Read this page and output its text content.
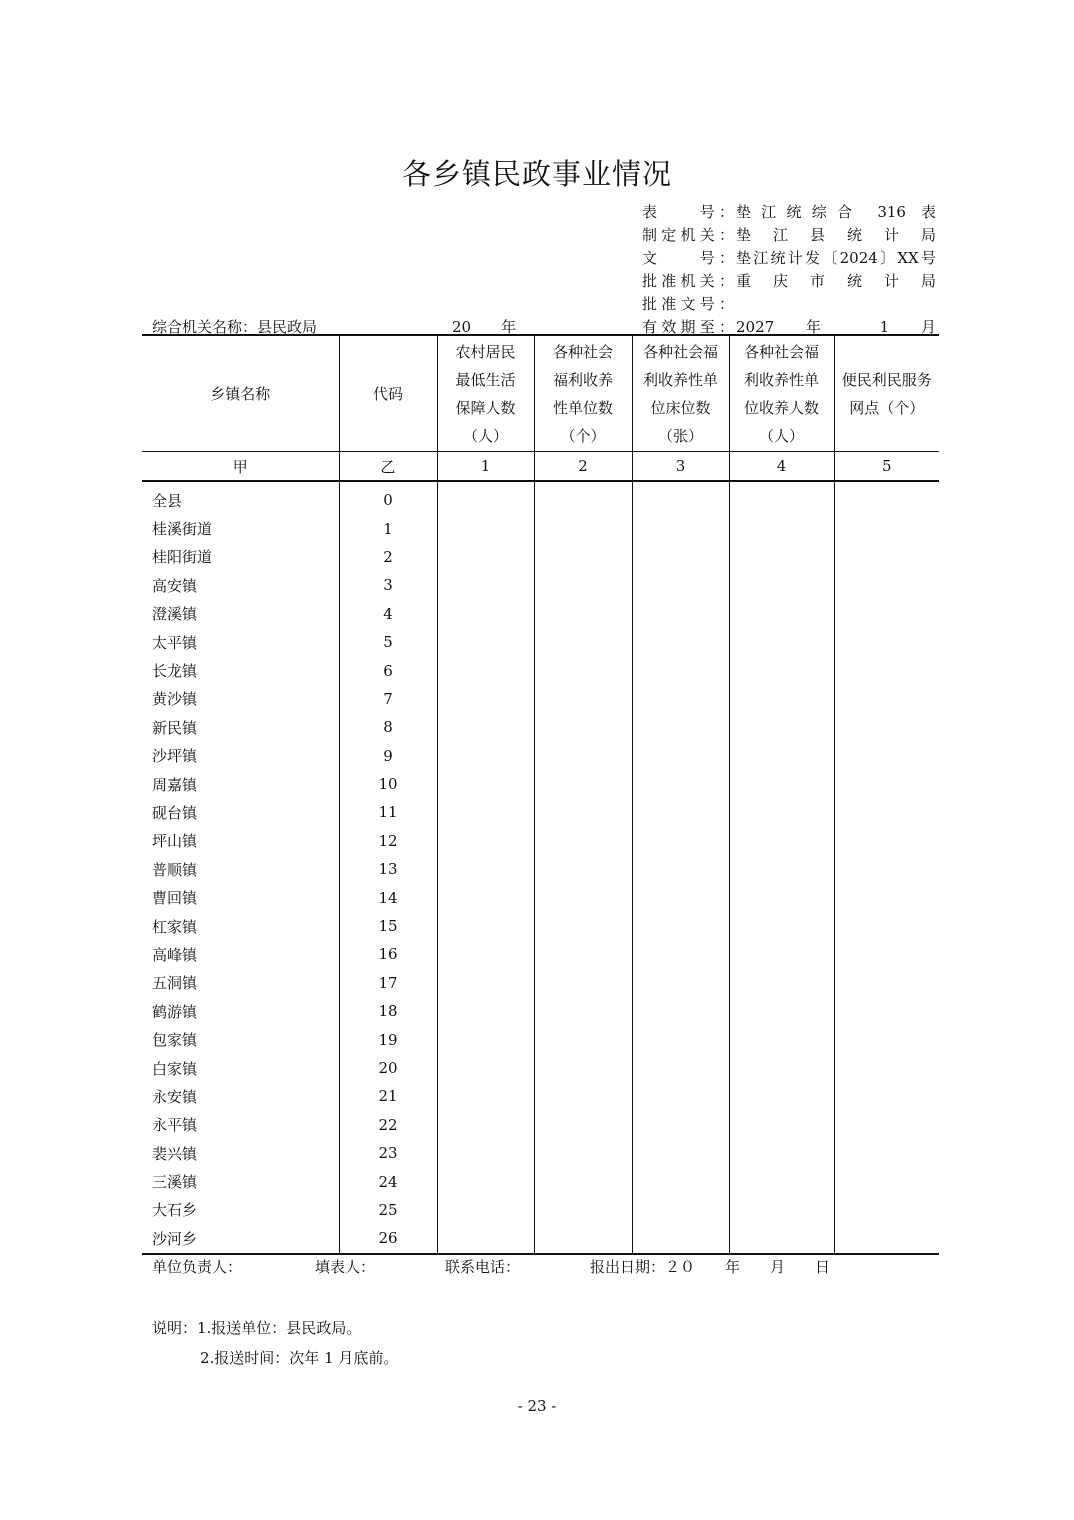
各乡镇民政事业情况
表　　号： 垫江统综合 316 表
制定机关： 垫江县统计局
文　　号： 垫江统计发〔2024〕XX号
批准机关： 重庆市统计局
批准文号：
有效期至： 2027 年 1 月
综合机关名称：县民政局	20 年
乡镇名称	代码	农村居民最低生活保障人数（人）	各种社会福利收养性单位数（个）	各种社会福利收养性单位床位数（张）	各种社会福利收养性单位收养人数（人）	便民利民服务网点（个）

甲	乙	1	2	3	4	5
全县	0					
桂溪街道	1					
桂阳街道	2					
高安镇	3					
澄溪镇	4					
太平镇	5					
长龙镇	6					
黄沙镇	7					
新民镇	8					
沙坪镇	9					
周嘉镇	10					
砚台镇	11					
坪山镇	12					
普顺镇	13					
曹回镇	14					
杠家镇	15					
高峰镇	16					
五洞镇	17					
鹤游镇	18					
包家镇	19					
白家镇	20					
永安镇	21					
永平镇	22					
裴兴镇	23					
三溪镇	24					
大石乡	25					
沙河乡	26					
单位负责人：	填表人：	联系电话：	报出日期：２０　　年　　月　　日
说明：1.报送单位：县民政局。
2.报送时间：次年 1 月底前。
- 23 -
